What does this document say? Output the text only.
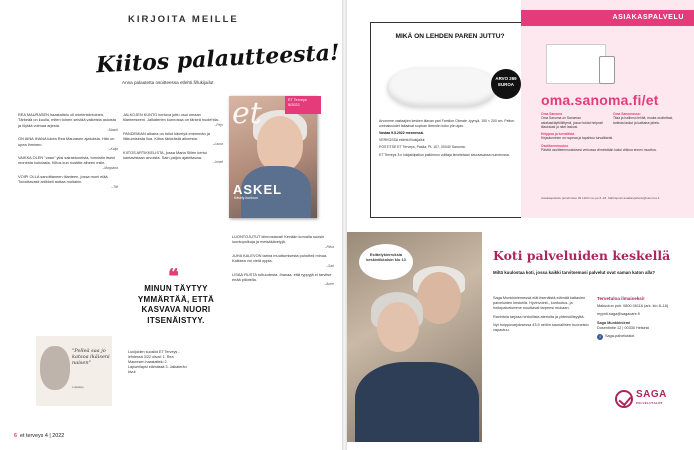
KIRJOITA MEILLE
Kiitos palautteesta!
Anna palautetta osoitteessa etlehti.fi/lukijailut

REA MAURASEN haastattelu oli mielenkiintoinen. Tärkeää on kuulla, miten toinen selviää vaikeista asioista ja löytää voimaa arjesta.
–Maarit

ON AINA IHANA lukea Rea Maurasen ajatuksia. Hän on upea ihminen.
–Kaija

VAIKKA OLEN "vaan" yksi sairastuneista, tunnistin itseni monesta kohdasta. Kiitos kun nostitte aiheen esiin.
–Marjaana

VOIPI OLLA sanoittaneen tilanteen, jossa moni elää. Toivottavasti artikkeli auttaa muitakin.
–Tiili

JALKOJEN KUNTO kertova juttu osui omaan tilanteeseeni. Jalkaterien kunnossa on tärkeä huolehtia.
–Pirjo

PANDEMIAN aikana on tullut kävelyä enemmän ja liikkumisesta iloa. Kiitos tärkeästä aiheesta.
–Laura

KIITOS ARTIKKELISTA, jossa Maria Sillén kertoi kantavistaan arvoista. Sain paljon ajateltavaa.
–Irmeli

et
ASKEL
Kävely kuntoon
ET Terveys 5/2022
❝
MINUN TÄYTYY YMMÄRTÄÄ, ETTÄ KASVAVA NUORI ITSENÄISTYY.

LUONTOJUTUT kiinnostavat! Kevään korvalla suosin luontopolkuja ja metsäkävelyjä.
–Ritva

JUHA KALEVON tarina muuttumisesta puhutteli minua. Kaikkea voi vielä oppia.
–Sari

LISÄÄ RUSTA ruttuudesta. Ihanaa, että ryppyjä ei tarvitse enää piilotella.
–Anne

"Pelleä saa jo katsoa ikäiseni naisen"
Lukijakirja
Lukijoiden suosikit ET Terveys -lehdessä 3/22 olivat: 1. Rea Mauresen haastattelu 2. Lapsenlapsi elämässä 3. Jalkaterän kivut
6 et terveys 4 | 2022
MIKÄ ON LEHDEN PAREN JUTTU?
ARVO 269 EUROA

Arvomme vastaajien kesken tilavan pari Familon Climate -tyynyä, 150 × 200 cm. Peiton ominaisuudet takaavat sopivan lämmön koko yön ajan.

Vastaa 9.5.2022 mennessä.

VERKOSSA etlehti.fi/lukijailut

POSTITSE ET Terveys, Pasila, PL 107, 00040 Sanoma.

ET Terveys 3:n lukijakilpailun palkinnon voittaja ilmoitetaan seuraavassa numerossa.

ASIAKASPALVELU
oma.sanoma.fi/et

Oma Sanoma
Oma Sanoma on Sanoman asiakaskäyttöliittymä, jossa hoidat helposti tilauksiasi ja näet laskusi.

Oma Sanomassa:
Tilaa ja hallinnoi lehtiä, muuta osoitettasi, tarkista laskut ja katkaise jakelu.

Helppoa ja turvallista
Kirjautuminen on nopeaa ja tapahtuu turvallisesti.

Osoitteenmuutos
Päivitä osoitteenmuutoksesi verkossa viimeistään kaksi viikkoa ennen muuttoa.

Asiakaspalvelu puhelimitse 09 1223 ma–pe 8–18. Sähköposti asiakaspalvelu@sanoma.fi
Esittelykierroksia keskiviikkoisin klo 13	Koti palveluiden keskellä
Miltä kuulostaa koti, jossa kaikki tarvitsemasi palvelut ovat saman katon alla?

Saga Munkkiniemessä elät itsenäistä elämää kattavien palveluiden keskellä. Hyvinvointi-, kuntoutus- ja hoitopalvelumme muuttavat tarpeesi mukaan.

Ravintola tarjoaa herkullisia aterioita ja yhteisöllisyyttä.

Nyt huippuvarjoksessa 43,5 neliön saunallinen huoneisto vapautuu.

Tervetuloa ilmaiseksi!

Makuutun puh. 0800 06116 (ark. klo 8–16)

myynti.saga@sagacare.fi

Saga Munkkiniemi
Dosentintie 12 | 00330 Helsinki

f	Saga-palvelutalot
SAGA
PALVELUTALOT
